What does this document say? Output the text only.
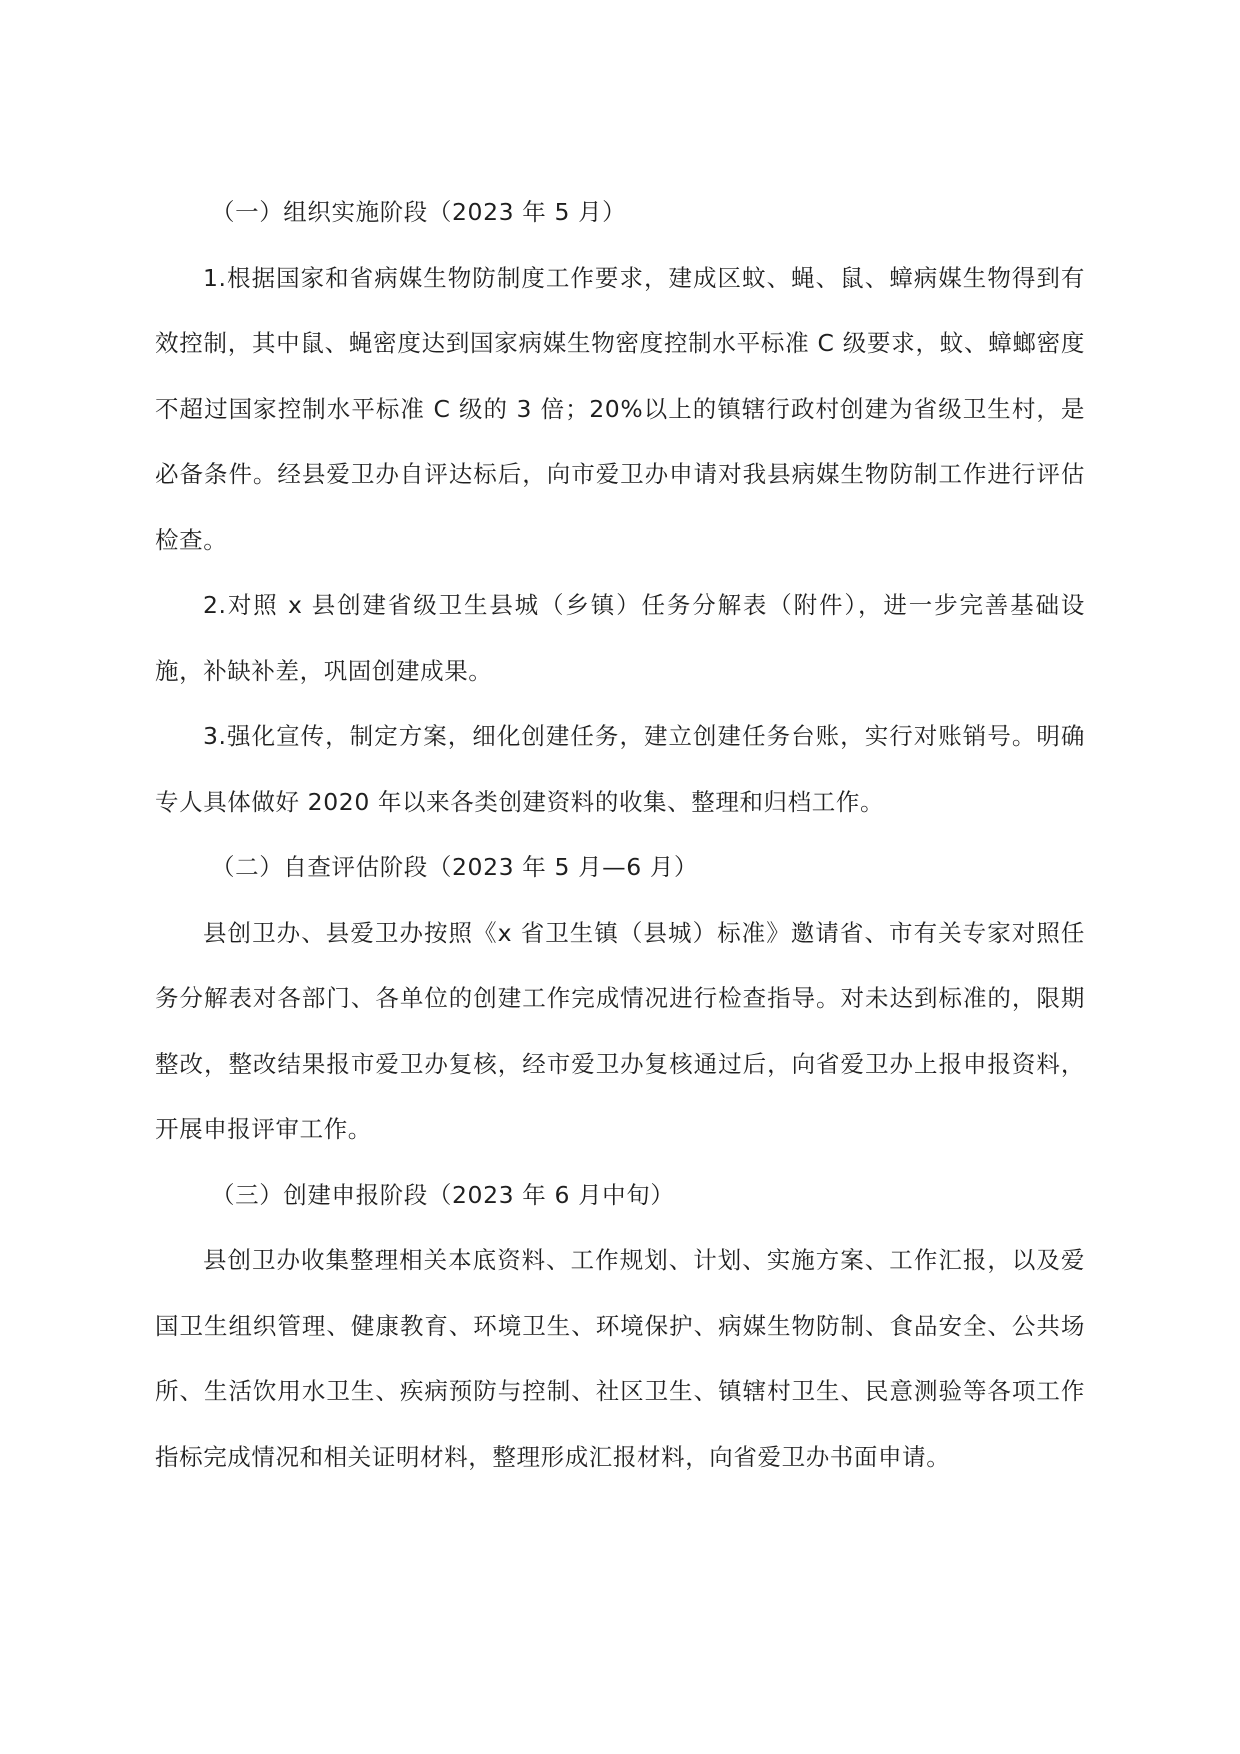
（一）组织实施阶段（2023 年 5 月）

1.根据国家和省病媒生物防制度工作要求，建成区蚊、蝇、鼠、蟑病媒生物得到有效控制，其中鼠、蝇密度达到国家病媒生物密度控制水平标准 C 级要求，蚊、蟑螂密度不超过国家控制水平标准 C 级的 3 倍；20%以上的镇辖行政村创建为省级卫生村，是必备条件。经县爱卫办自评达标后，向市爱卫办申请对我县病媒生物防制工作进行评估检查。

2.对照 x 县创建省级卫生县城（乡镇）任务分解表（附件），进一步完善基础设施，补缺补差，巩固创建成果。

3.强化宣传，制定方案，细化创建任务，建立创建任务台账，实行对账销号。明确专人具体做好 2020 年以来各类创建资料的收集、整理和归档工作。

（二）自查评估阶段（2023 年 5 月—6 月）

县创卫办、县爱卫办按照《x 省卫生镇（县城）标准》邀请省、市有关专家对照任务分解表对各部门、各单位的创建工作完成情况进行检查指导。对未达到标准的，限期整改，整改结果报市爱卫办复核，经市爱卫办复核通过后，向省爱卫办上报申报资料，开展申报评审工作。

（三）创建申报阶段（2023 年 6 月中旬）

县创卫办收集整理相关本底资料、工作规划、计划、实施方案、工作汇报，以及爱国卫生组织管理、健康教育、环境卫生、环境保护、病媒生物防制、食品安全、公共场所、生活饮用水卫生、疾病预防与控制、社区卫生、镇辖村卫生、民意测验等各项工作指标完成情况和相关证明材料，整理形成汇报材料，向省爱卫办书面申请。
